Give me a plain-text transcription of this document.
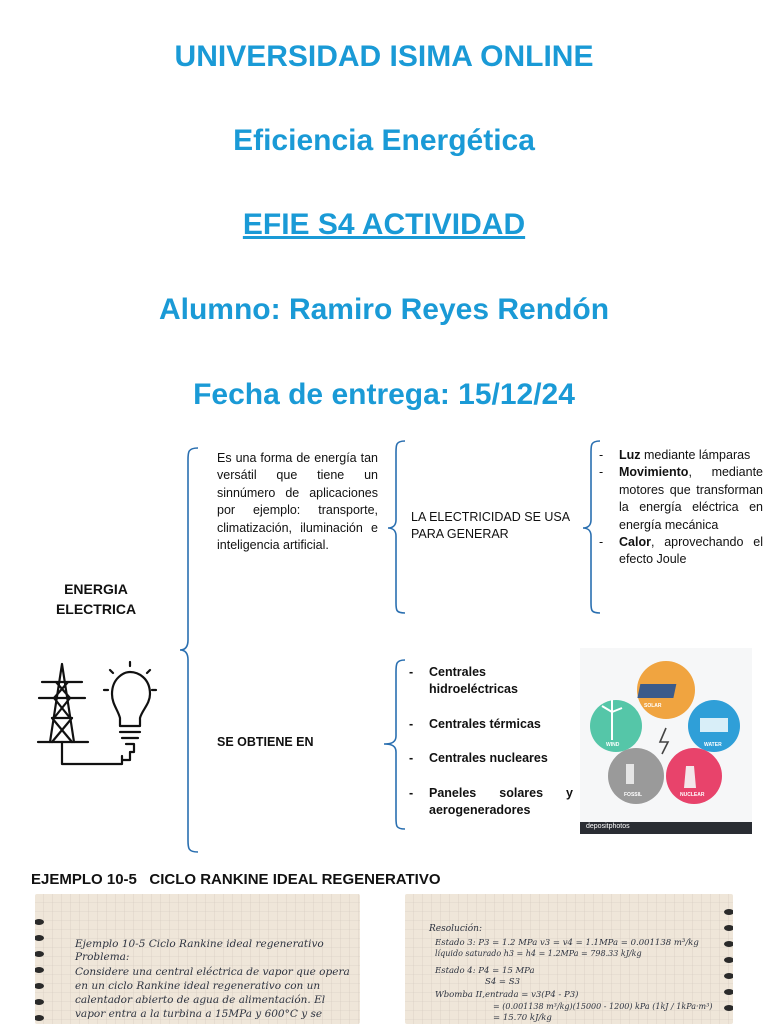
UNIVERSIDAD ISIMA ONLINE
Eficiencia Energética
EFIE S4 ACTIVIDAD
Alumno: Ramiro Reyes Rendón
Fecha de entrega: 15/12/24
ENERGIA ELECTRICA
Es una forma de energía tan versátil que tiene un sinnúmero de aplicaciones por ejemplo: transporte, climatización, iluminación e inteligencia artificial.
LA ELECTRICIDAD SE USA PARA GENERAR
- Luz mediante lámparas
- Movimiento, mediante motores que transforman la energía eléctrica en energía mecánica
- Calor, aprovechando el efecto Joule
SE OBTIENE EN
- Centrales hidroeléctricas
- Centrales térmicas
- Centrales nucleares
- Paneles solares y aerogeneradores
SOLAR
WIND	WATER
FOSSIL	NUCLEAR
depositphotos
EJEMPLO 10-5   CICLO RANKINE IDEAL REGENERATIVO
Ejemplo 10-5 Ciclo Rankine ideal regenerativo
Problema:
Considere una central eléctrica de vapor que opera
en un ciclo Rankine ideal regenerativo con un
calentador abierto de agua de alimentación. El
vapor entra a la turbina a 15MPa y 600°C y se
Resolución:
Estado 3: P3 = 1.2 MPa v3 = v4 = 1.1MPa = 0.001138 m³/kg
líquido saturado h3 = h4 = 1.2MPa = 798.33 kJ/kg
Estado 4: P4 = 15 MPa
S4 = S3
Wbomba II,entrada = v3(P4 - P3)
= (0.001138 m³/kg)(15000 - 1200) kPa (1kJ / 1kPa·m³)
= 15.70 kJ/kg
